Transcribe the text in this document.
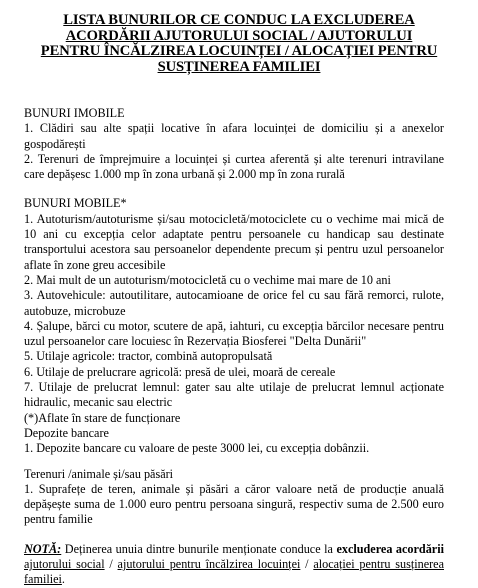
LISTA BUNURILOR CE CONDUC LA EXCLUDEREA ACORDĂRII AJUTORULUI SOCIAL / AJUTORULUI PENTRU ÎNCĂLZIREA LOCUINȚEI / ALOCAȚIEI PENTRU SUSȚINEREA FAMILIEI

BUNURI IMOBILE

1. Clădiri sau alte spații locative în afara locuinței de domiciliu și a anexelor gospodărești

2. Terenuri de împrejmuire a locuinței și curtea aferentă și alte terenuri intravilane care depășesc 1.000 mp în zona urbană și 2.000 mp în zona rurală

BUNURI MOBILE*

1. Autoturism/autoturisme și/sau motocicletă/motociclete cu o vechime mai mică de 10 ani cu excepția celor adaptate pentru persoanele cu handicap sau destinate transportului acestora sau persoanelor dependente precum și pentru uzul persoanelor aflate în zone greu accesibile

2. Mai mult de un autoturism/motocicletă cu o vechime mai mare de 10 ani

3. Autovehicule: autoutilitare, autocamioane de orice fel cu sau fără remorci, rulote, autobuze, microbuze

4. Șalupe, bărci cu motor, scutere de apă, iahturi, cu excepția bărcilor necesare pentru uzul persoanelor care locuiesc în Rezervația Biosferei "Delta Dunării"

5. Utilaje agricole: tractor, combină autopropulsată

6. Utilaje de prelucrare agricolă: presă de ulei, moară de cereale

7. Utilaje de prelucrat lemnul: gater sau alte utilaje de prelucrat lemnul acționate hidraulic, mecanic sau electric

(*)Aflate în stare de funcționare

Depozite bancare

1. Depozite bancare cu valoare de peste 3000 lei, cu excepția dobânzii.

Terenuri /animale și/sau păsări

1. Suprafețe de teren, animale și păsări a căror valoare netă de producție anuală depășește suma de 1.000 euro pentru persoana singură, respectiv suma de 2.500 euro pentru familie

NOTĂ: Deținerea unuia dintre bunurile menționate conduce la excluderea acordării ajutorului social / ajutorului pentru încălzirea locuinței / alocației pentru susținerea familiei.
